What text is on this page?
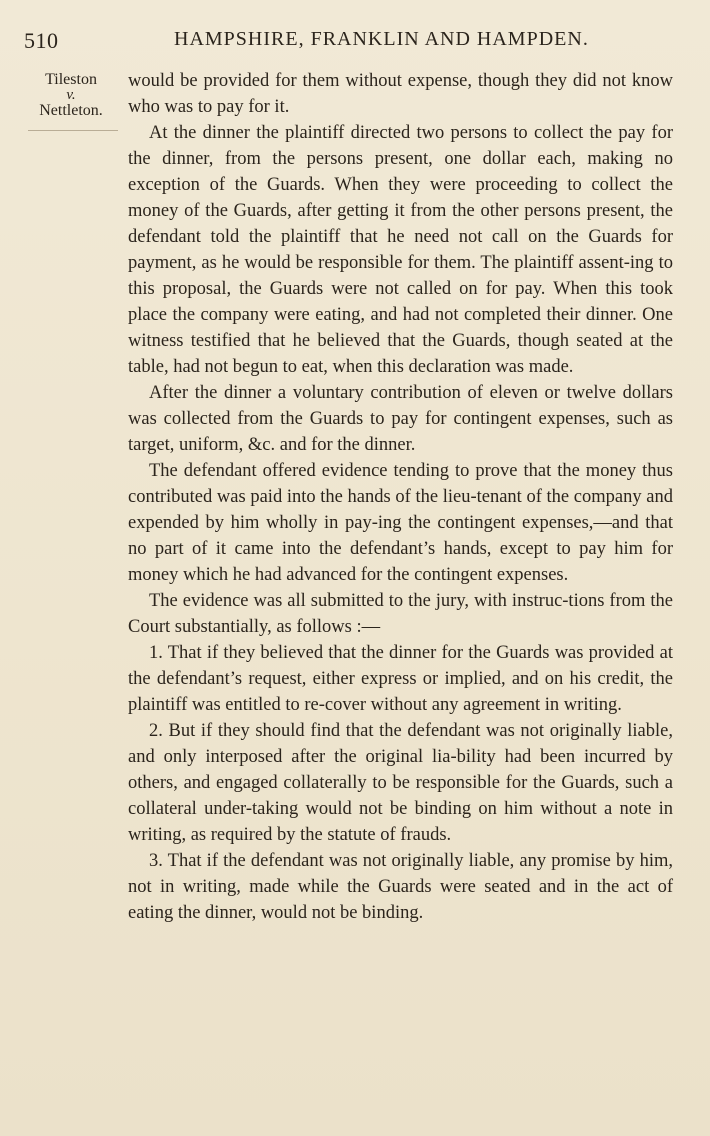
510	HAMPSHIRE, FRANKLIN AND HAMPDEN.
Tileston
v.
Nettleton.

would be provided for them without expense, though they did not know who was to pay for it.

At the dinner the plaintiff directed two persons to collect the pay for the dinner, from the persons present, one dollar each, making no exception of the Guards. When they were proceeding to collect the money of the Guards, after getting it from the other persons present, the defendant told the plaintiff that he need not call on the Guards for payment, as he would be responsible for them. The plaintiff assent-ing to this proposal, the Guards were not called on for pay. When this took place the company were eating, and had not completed their dinner. One witness testified that he believed that the Guards, though seated at the table, had not begun to eat, when this declaration was made.

After the dinner a voluntary contribution of eleven or twelve dollars was collected from the Guards to pay for contingent expenses, such as target, uniform, &c. and for the dinner.

The defendant offered evidence tending to prove that the money thus contributed was paid into the hands of the lieu-tenant of the company and expended by him wholly in pay-ing the contingent expenses,—and that no part of it came into the defendant’s hands, except to pay him for money which he had advanced for the contingent expenses.

The evidence was all submitted to the jury, with instruc-tions from the Court substantially, as follows :—

1. That if they believed that the dinner for the Guards was provided at the defendant’s request, either express or implied, and on his credit, the plaintiff was entitled to re-cover without any agreement in writing.

2. But if they should find that the defendant was not originally liable, and only interposed after the original lia-bility had been incurred by others, and engaged collaterally to be responsible for the Guards, such a collateral under-taking would not be binding on him without a note in writing, as required by the statute of frauds.

3. That if the defendant was not originally liable, any promise by him, not in writing, made while the Guards were seated and in the act of eating the dinner, would not be binding.
